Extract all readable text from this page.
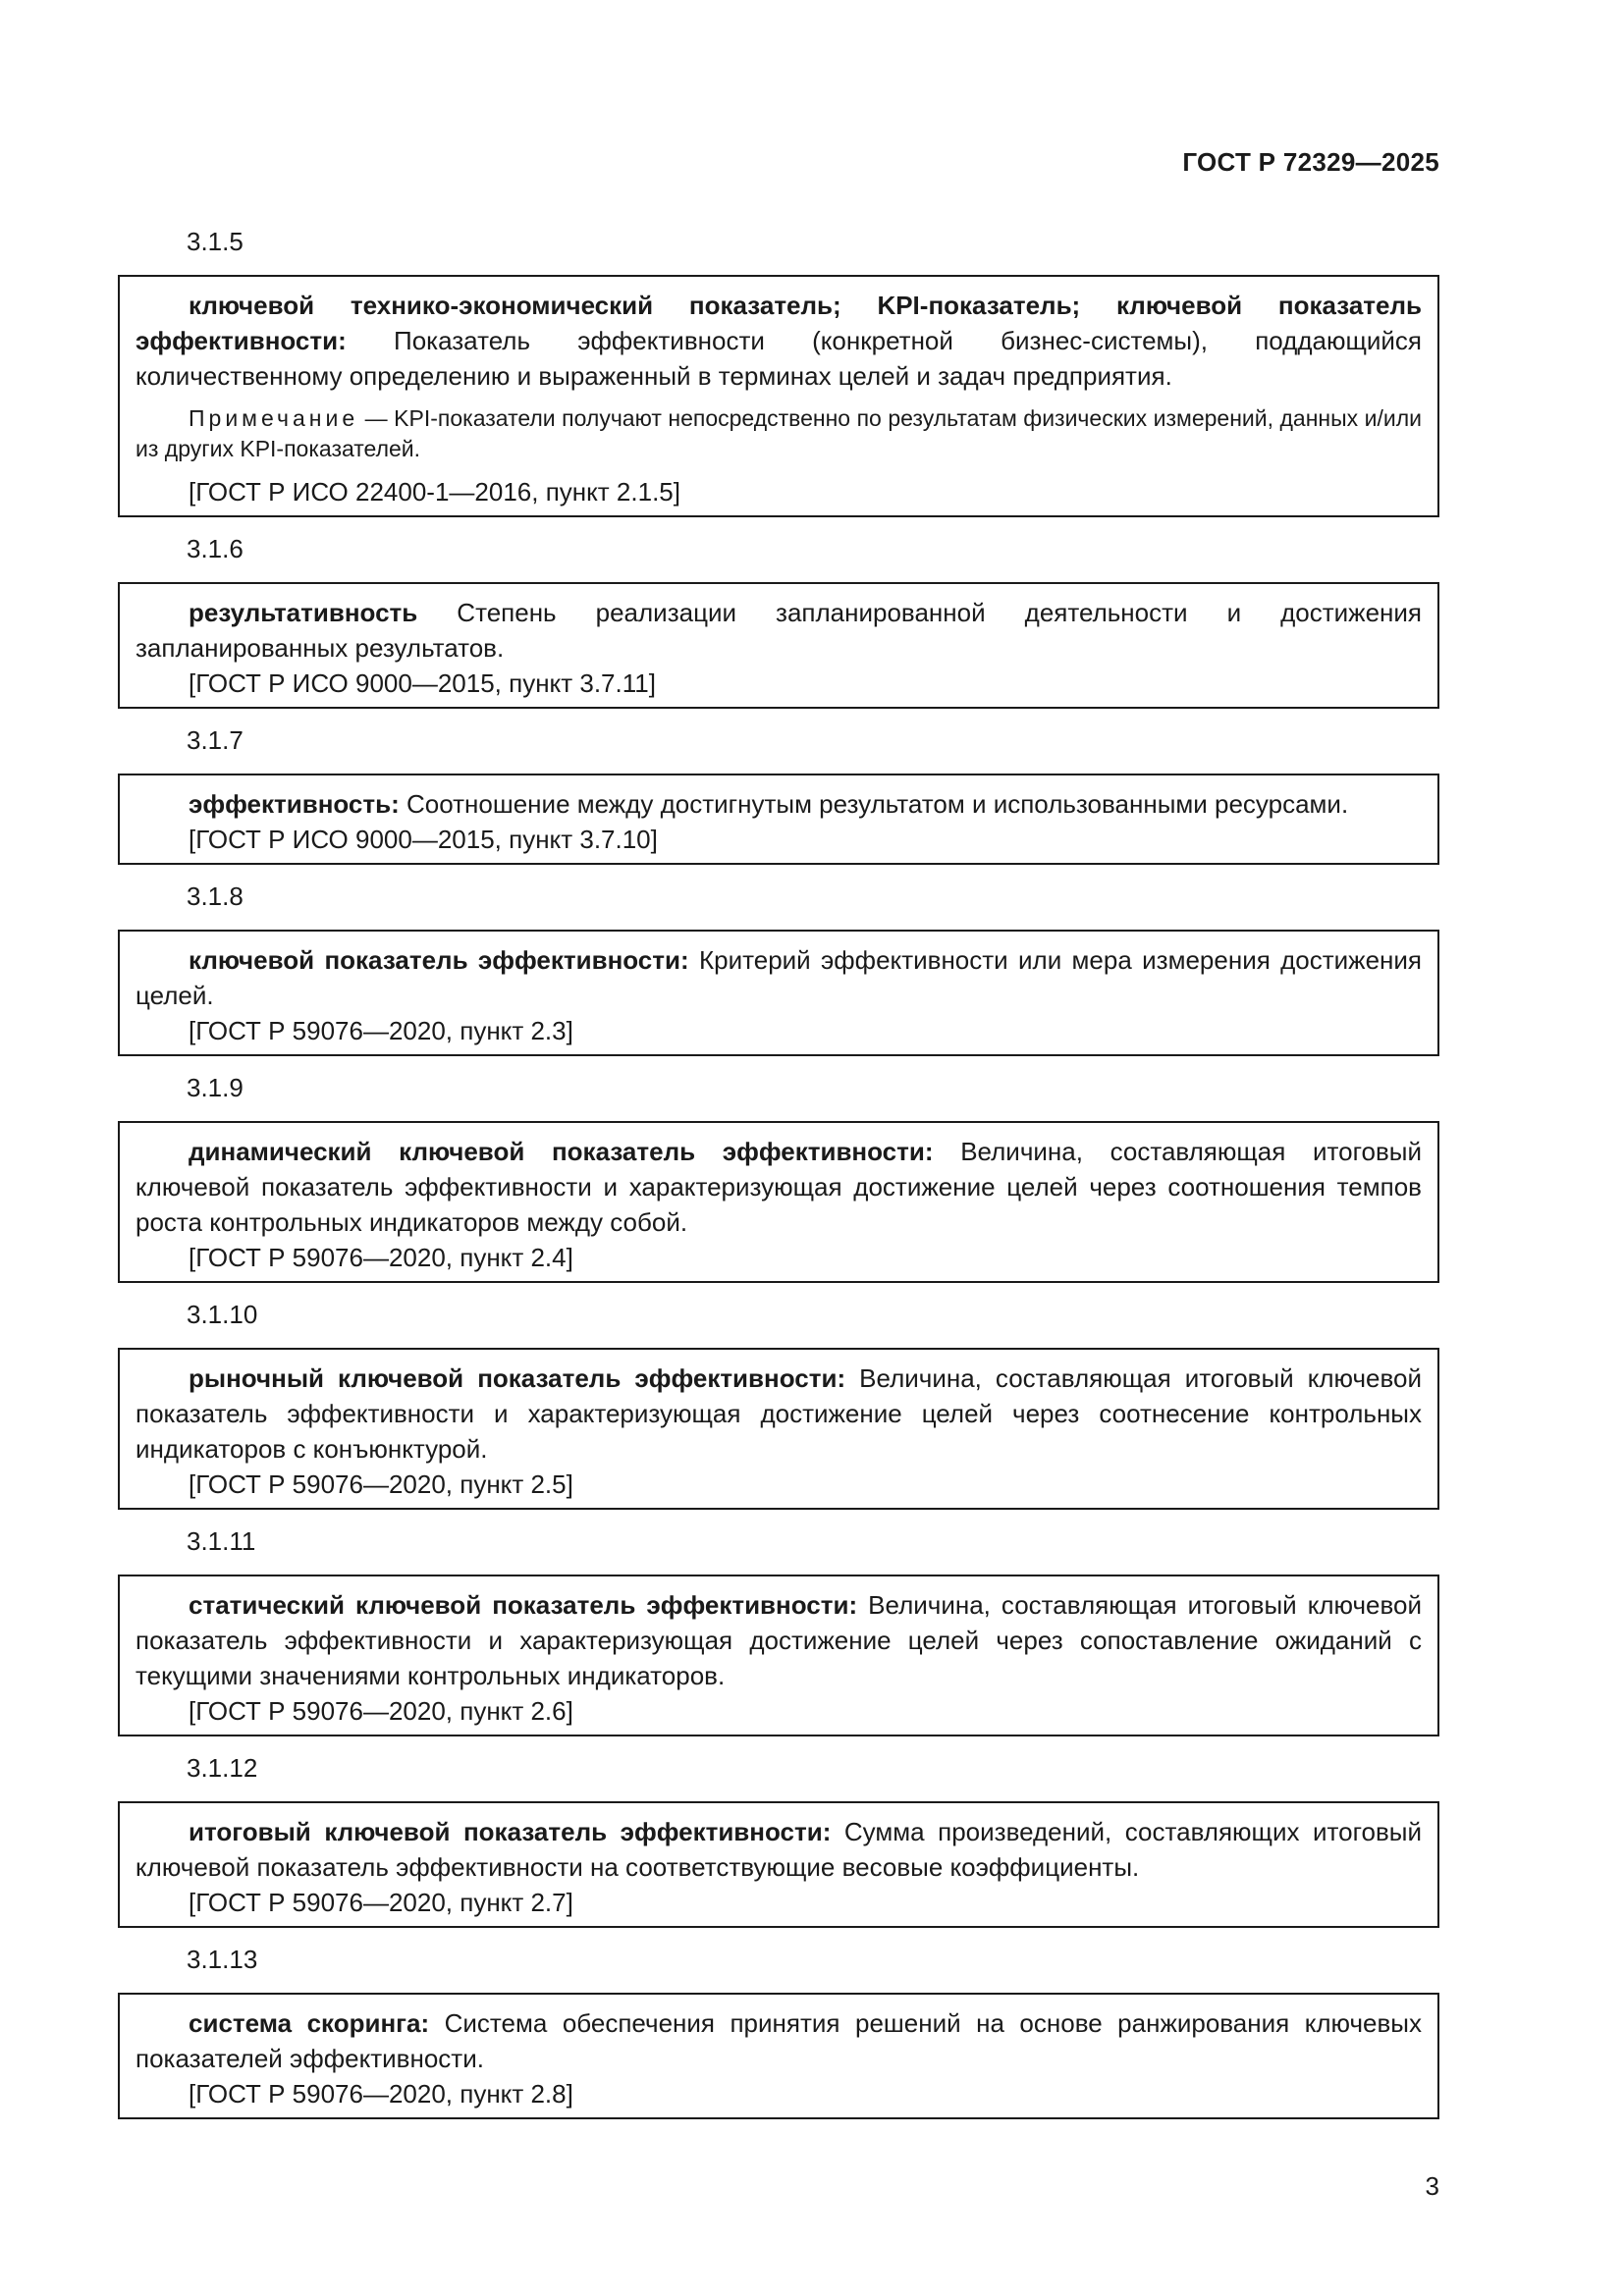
ГОСТ Р 72329—2025
3.1.5

ключевой технико-экономический показатель; KPI-показатель; ключевой показатель эффективности: Показатель эффективности (конкретной бизнес-системы), поддающийся количественному определению и выраженный в терминах целей и задач предприятия.

Примечание — KPI-показатели получают непосредственно по результатам физических измерений, данных и/или из других KPI-показателей.

[ГОСТ Р ИСО 22400-1—2016, пункт 2.1.5]

3.1.6

результативность Степень реализации запланированной деятельности и достижения запланированных результатов.

[ГОСТ Р ИСО 9000—2015, пункт 3.7.11]

3.1.7

эффективность: Соотношение между достигнутым результатом и использованными ресурсами.

[ГОСТ Р ИСО 9000—2015, пункт 3.7.10]

3.1.8

ключевой показатель эффективности: Критерий эффективности или мера измерения достижения целей.

[ГОСТ Р 59076—2020, пункт 2.3]

3.1.9

динамический ключевой показатель эффективности: Величина, составляющая итоговый ключевой показатель эффективности и характеризующая достижение целей через соотношения темпов роста контрольных индикаторов между собой.

[ГОСТ Р 59076—2020, пункт 2.4]

3.1.10

рыночный ключевой показатель эффективности: Величина, составляющая итоговый ключевой показатель эффективности и характеризующая достижение целей через соотнесение контрольных индикаторов с конъюнктурой.

[ГОСТ Р 59076—2020, пункт 2.5]

3.1.11

статический ключевой показатель эффективности: Величина, составляющая итоговый ключевой показатель эффективности и характеризующая достижение целей через сопоставление ожиданий с текущими значениями контрольных индикаторов.

[ГОСТ Р 59076—2020, пункт 2.6]

3.1.12

итоговый ключевой показатель эффективности: Сумма произведений, составляющих итоговый ключевой показатель эффективности на соответствующие весовые коэффициенты.

[ГОСТ Р 59076—2020, пункт 2.7]

3.1.13

система скоринга: Система обеспечения принятия решений на основе ранжирования ключевых показателей эффективности.

[ГОСТ Р 59076—2020, пункт 2.8]

3
